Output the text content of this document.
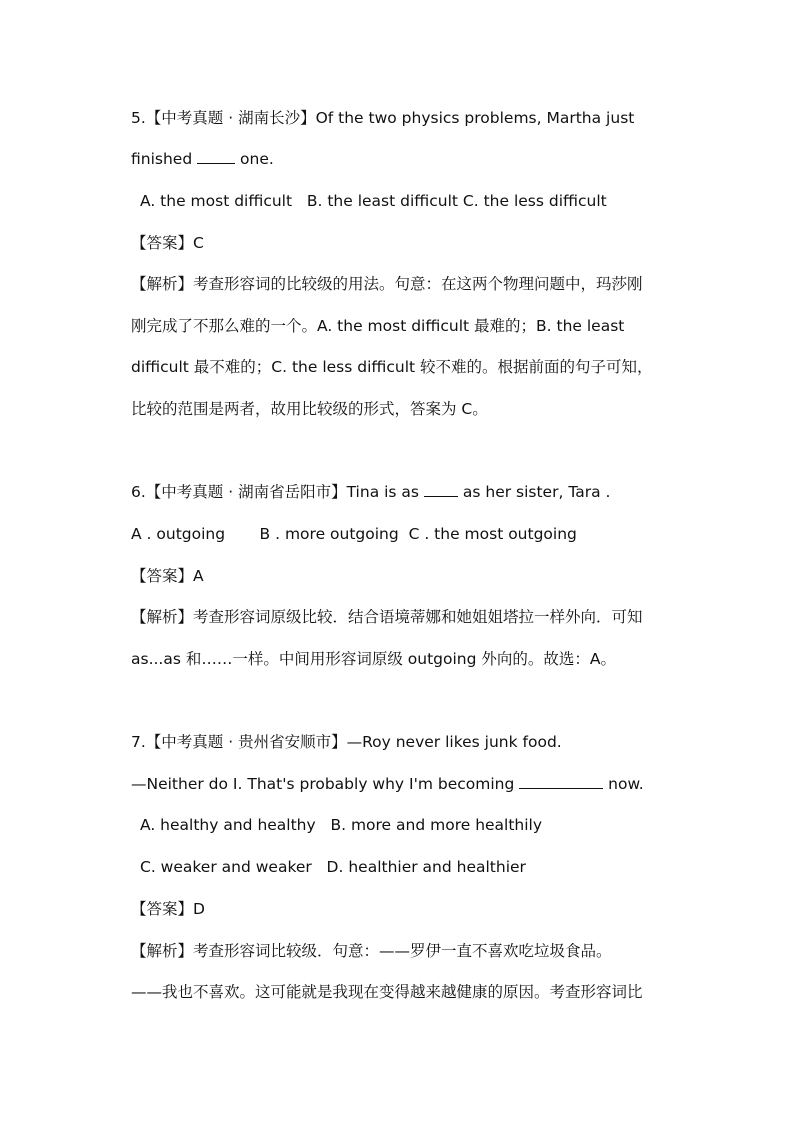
5.【中考真题 · 湖南长沙】Of the two physics problems, Martha just
finished  one.
A. the most difficult   B. the least difficult C. the less difficult
【答案】C
【解析】考查形容词的比较级的用法。句意：在这两个物理问题中，玛莎刚
刚完成了不那么难的一个。A. the most difficult 最难的；B. the least
difficult 最不难的；C. the less difficult 较不难的。根据前面的句子可知，
比较的范围是两者，故用比较级的形式，答案为 C。
6.【中考真题 · 湖南省岳阳市】Tina is as  as her sister, Tara .
A . outgoing       B . more outgoing  C . the most outgoing
【答案】A
【解析】考查形容词原级比较．结合语境蒂娜和她姐姐塔拉一样外向．可知
as...as 和……一样。中间用形容词原级 outgoing 外向的。故选：A。
7.【中考真题 · 贵州省安顺市】—Roy never likes junk food.
—Neither do I. That's probably why I'm becoming	now.
A. healthy and healthy   B. more and more healthily
C. weaker and weaker   D. healthier and healthier
【答案】D
【解析】考查形容词比较级．句意：——罗伊一直不喜欢吃垃圾食品。
——我也不喜欢。这可能就是我现在变得越来越健康的原因。考查形容词比
